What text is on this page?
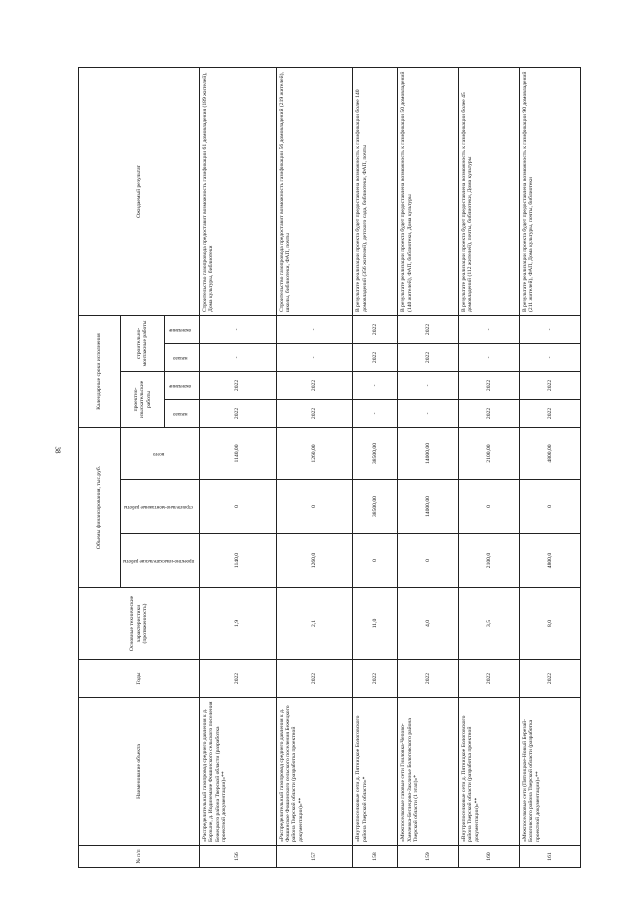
38
№ п/п	Наименование объекта	Годы	Основные технические характеристики (протяженность)	Объемы финансирования, тыс.руб.			Календарные сроки исполнения				Ожидаемый результат
				проектно-изыскательские работы	строительно-монтажные работы	всего	проектно-изыскательские работы		строительно-монтажные работы		
							начало	окончание	начало	окончание	
156	«Распределительный газопровод среднего давления к д. Борзыне, д. Иодинемане Фошинского сельского поселения Бежецкого района Тверской области (разработка проектной документации)»**	2022	1,9	1140,0	0	1140,00	2022	2022	-	-	Строительство газопровода предоставит возможность газификации 61 домовладения (189 жителей), Дома культуры, библиотеки
157	«Распределительный газопровод среднего давления к д. Фошинское Фошинского сельского поселения Бежецкого района Тверской области (разработка проектной документации)»**	2022	2,1	1260,0	0	1260,00	2022	2022	-	-	Строительство газопровода предоставит возможность газификации 56 домовладений (219 жителей), школы, библиотеки, ФАП, почты
158	«Внутрипоселковые сети д. Пятницкое Бологовского района Тверской области»*	2022	11,0	0	38500,00	38500,00	-	-	2022	2022	В результате реализации проекта будет предоставлена возможность к газификации более 140 домовладений (356 жителей), детского сада, библиотеки, ФАП, почты
159	«Межпоселковые газовые сети Гниловка-Чепово-Хмелевка-Беглецово-Заклинье Бологовского района Тверской области (1 этап)»*	2022	4,0	0	14000,00	14000,00	-	-	2022	2022	В результате реализации проекта будет предоставлена возможность к газификации 50 домовладений (140 жителей), ФАП, библиотеки, Дома культуры
160	«Внутрипоселковые сети д. Пятницкое Бологовского района Тверской области (разработка проектной документации)»**	2022	3,5	2100,0	0	2100,00	2022	2022	-	-	В результате реализации проекта будет предоставлена возможность к газификации более 45 домовладений (112 жителей), почты, библиотеки, Дома культуры
161	«Межпоселковые сети (Пятницкое-Новый Березай-Бологовского района Тверской области (разработка проектной документации)»**	2022	8,0	4800,0	0	4800,00	2022	2022	-	-	В результате реализации проекта будет предоставлена возможность к газификации 90 домовладений (211 жителей), ФАП, Дома культуры, почты, библиотеки
